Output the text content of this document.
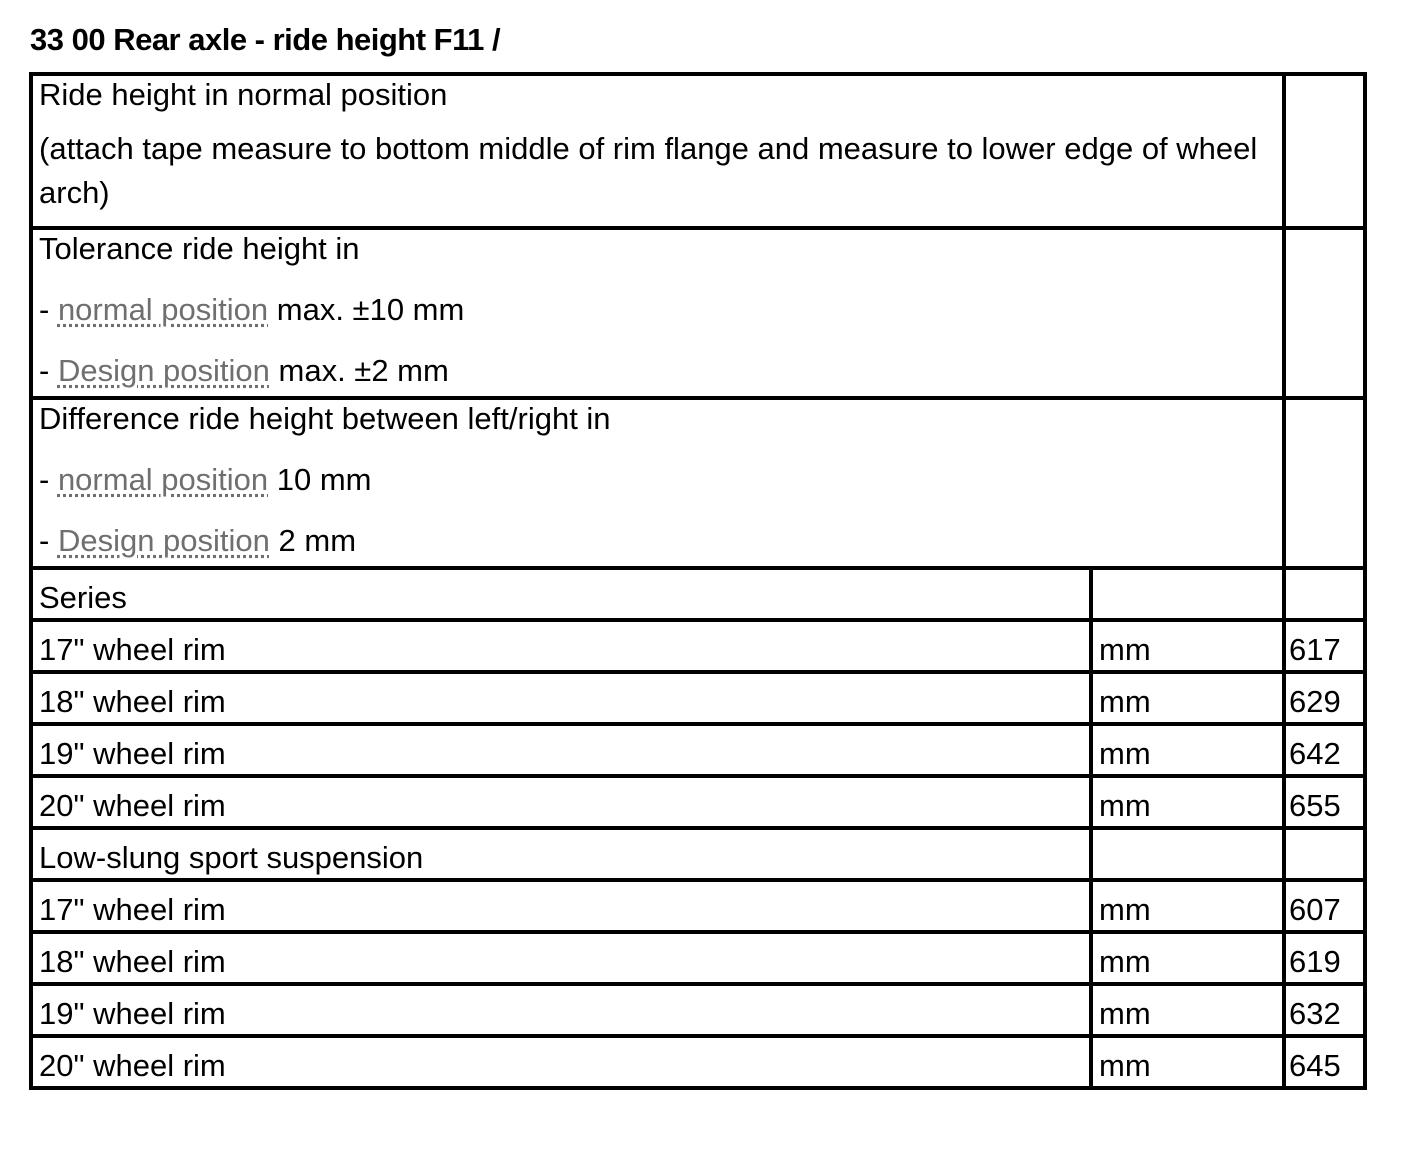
33 00 Rear axle - ride height F11 /

Ride height in normal position

(attach tape measure to bottom middle of rim flange and measure to lower edge of wheel arch)		

Tolerance ride height in

- normal position max. ±10 mm

- Design position max. ±2 mm		

Difference ride height between left/right in

- normal position 10 mm

- Design position 2 mm		

Series		
17" wheel rim	mm	617
18" wheel rim	mm	629
19" wheel rim	mm	642
20" wheel rim	mm	655
Low-slung sport suspension		
17" wheel rim	mm	607
18" wheel rim	mm	619
19" wheel rim	mm	632
20" wheel rim	mm	645
